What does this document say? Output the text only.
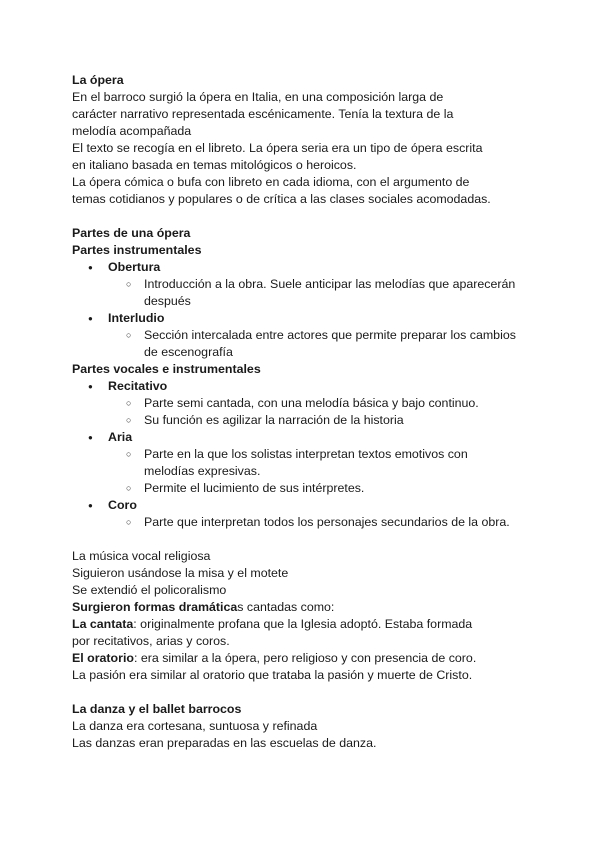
La ópera
En el barroco surgió la ópera en Italia, en una composición larga de
carácter narrativo representada escénicamente. Tenía la textura de la
melodía acompañada
El texto se recogía en el libreto. La ópera seria era un tipo de ópera escrita
en italiano basada en temas mitológicos o heroicos.
La ópera cómica o bufa con libreto en cada idioma, con el argumento de
temas cotidianos y populares o de crítica a las clases sociales acomodadas.
Partes de una ópera
Partes instrumentales
● Obertura
○ Introducción a la obra. Suele anticipar las melodías que aparecerán después
● Interludio
○ Sección intercalada entre actores que permite preparar los cambios de escenografía
Partes vocales e instrumentales
● Recitativo
○ Parte semi cantada, con una melodía básica y bajo continuo.
○ Su función es agilizar la narración de la historia
● Aria
○ Parte en la que los solistas interpretan textos emotivos con melodías expresivas.
○ Permite el lucimiento de sus intérpretes.
● Coro
○ Parte que interpretan todos los personajes secundarios de la obra.
La música vocal religiosa
Siguieron usándose la misa y el motete
Se extendió el policoralismo
Surgieron formas dramáticas cantadas como:
La cantata: originalmente profana que la Iglesia adoptó. Estaba formada
por recitativos, arias y coros.
El oratorio: era similar a la ópera, pero religioso y con presencia de coro.
La pasión era similar al oratorio que trataba la pasión y muerte de Cristo.
La danza y el ballet barrocos
La danza era cortesana, suntuosa y refinada
Las danzas eran preparadas en las escuelas de danza.
